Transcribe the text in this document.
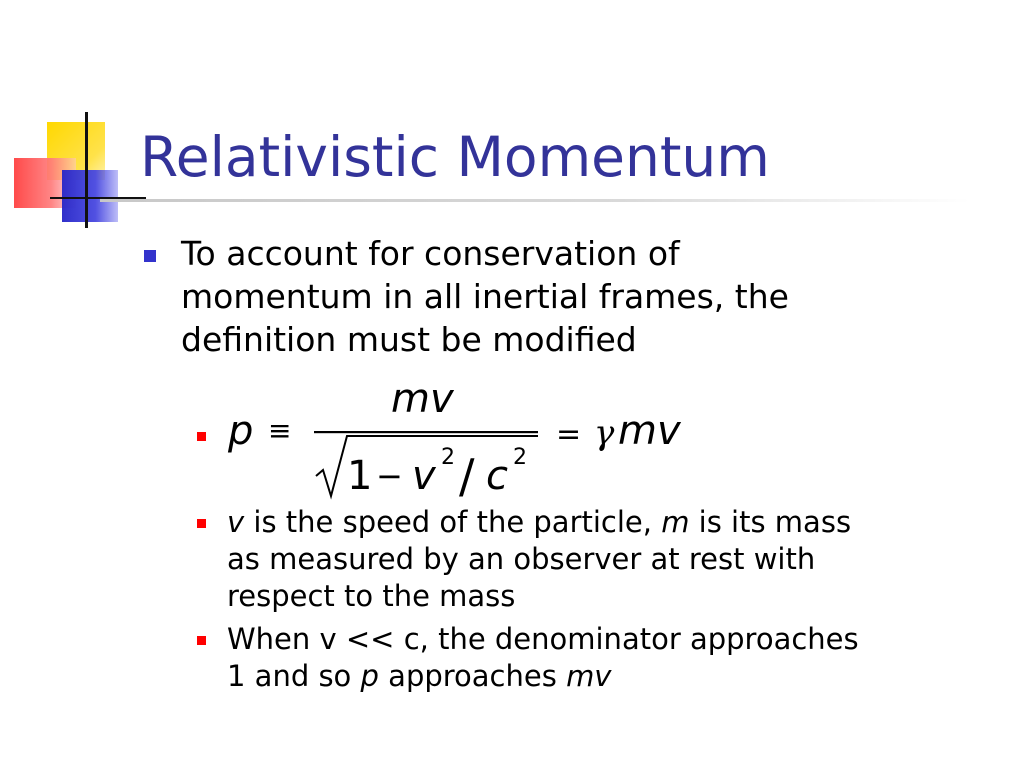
Relativistic Momentum
To account for conservation of
momentum in all inertial frames, the
definition must be modified
p ≡
mv
1 − v 2 / c 2
= γ mv
v is the speed of the particle, m is its mass
as measured by an observer at rest with
respect to the mass
When v << c, the denominator approaches
1 and so p approaches mv
